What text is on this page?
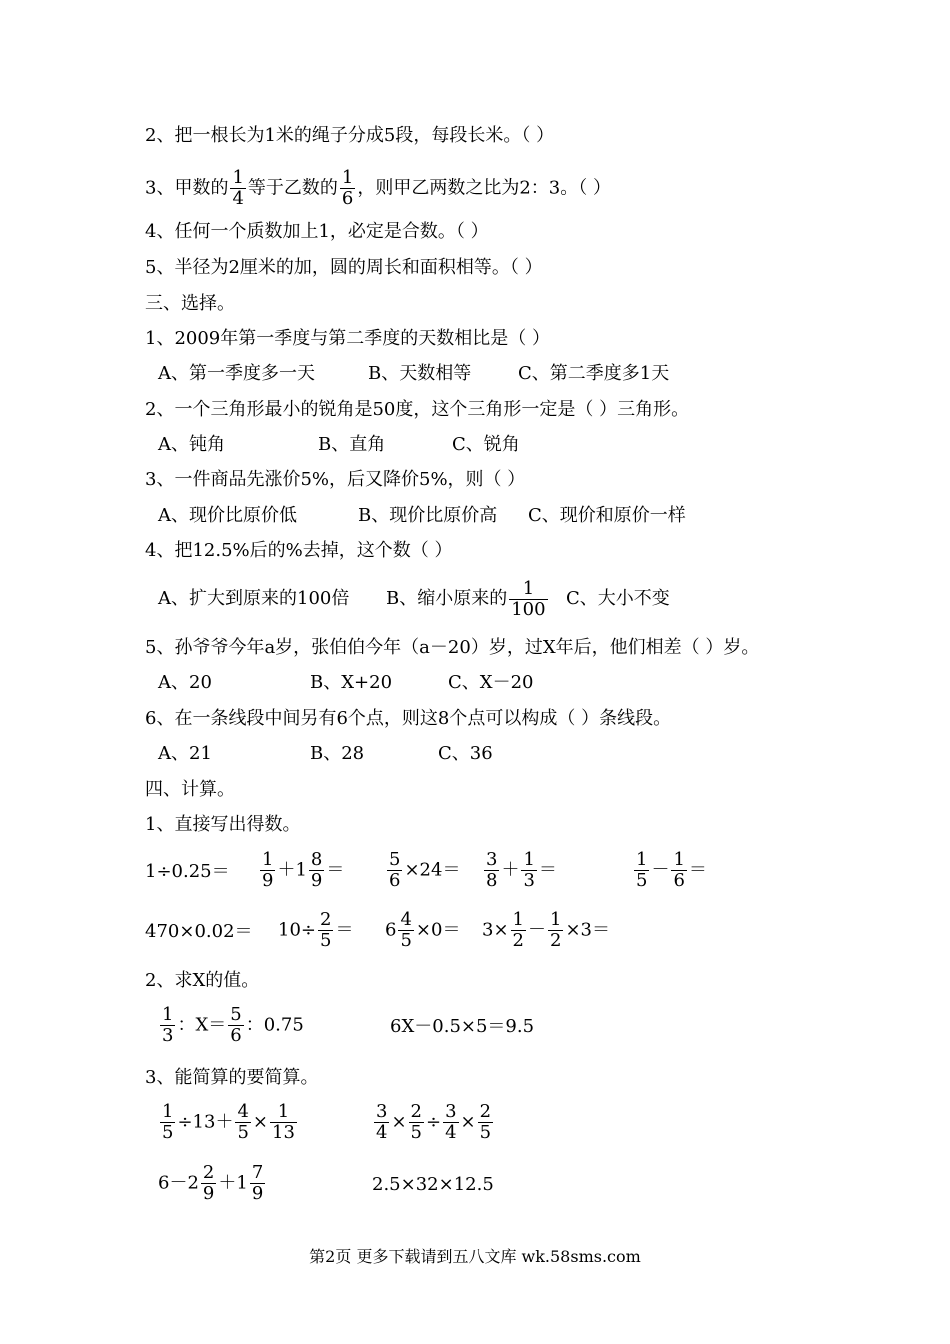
2、把一根长为1米的绳子分成5段，每段长米。（ ）
3、甲数的 $\frac{1}{4}$ 等于乙数的 $\frac{1}{6}$ ，则甲乙两数之比为2：3。（ ）
4、任何一个质数加上1，必定是合数。（ ）
5、半径为2厘米的加，圆的周长和面积相等。（ ）
三、选择。
1、2009年第一季度与第二季度的天数相比是（ ）
A、第一季度多一天	B、天数相等	C、第二季度多1天
2、一个三角形最小的锐角是50度，这个三角形一定是（ ）三角形。
A、钝角	B、直角	C、锐角
3、一件商品先涨价5%，后又降价5%，则（ ）
A、现价比原价低	B、现价比原价高 C、现价和原价一样
4、把12.5%后的%去掉，这个数（ ）
A、扩大到原来的100倍 B、缩小原来的 $\frac{1}{100}$ C、大小不变
5、孙爷爷今年a岁，张伯伯今年（a－20）岁，过X年后，他们相差（ ）岁。
A、20	B、X+20	C、X－20
6、在一条线段中间另有6个点，则这8个点可以构成（ ）条线段。
A、21	B、28	C、36
四、计算。
1、直接写出得数。
$1\div 0.25= \frac{1}{9} +1 \frac{8}{9} = \frac{5}{6} \times 24= \frac{3}{8} + \frac{1}{3}$ ＝	$\frac{1}{5} - \frac{1}{6}$ ＝
$470\times 0.02= 10\div \frac{2}{5} = 6 \frac{4}{5} \times 0= 3\times \frac{1}{2} - \frac{1}{2} \times 3=$
2、求X的值。
$\frac{1}{3}$ ：$X= \frac{5}{6}$ ：0.75	6X－0.5×5＝9.5
3、能简算的要简算。
$\frac{1}{5} \div 13+ \frac{4}{5} \times \frac{1}{13}$	$\frac{3}{4} \times \frac{2}{5} \div \frac{3}{4} \times \frac{2}{5}$
$6-2 \frac{2}{9} +1 \frac{7}{9}$	2.5×32×12.5
第2页 更多下载请到五八文库 wk.58sms.com
